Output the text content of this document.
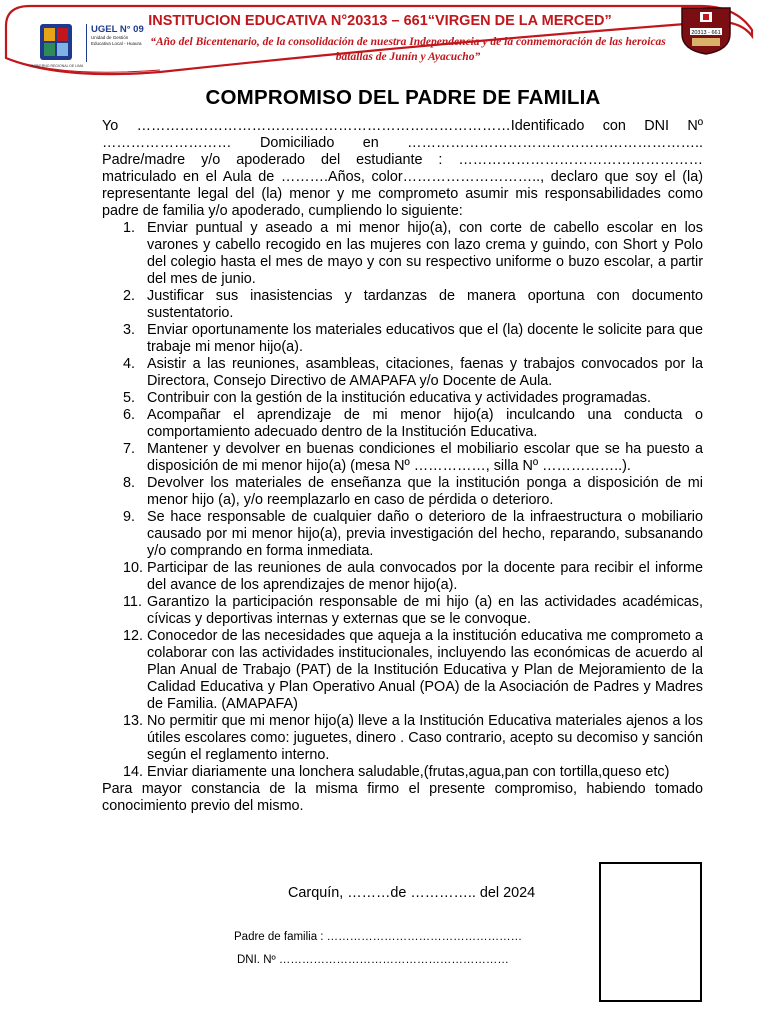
GOBIERNO REGIONAL DE LIMA
UGEL N° 09
Unidad de Gestión
Educativa Local - Huaura
INSTITUCION EDUCATIVA N°20313 – 661“VIRGEN DE LA MERCED”
“Año del Bicentenario, de la consolidación de nuestra Independencia y de la conmemoración de las heroicas
batallas de Junín y Ayacucho”
20313 - 661
COMPROMISO DEL PADRE DE FAMILIA

Yo ……………………………………………………………………Identificado con DNI Nº

……………………… Domiciliado en ……………………………………………………..

Padre/madre y/o apoderado del estudiante : ……………………………………………

matriculado en el Aula de ……….Años, color……………………….., declaro que soy el (la) representante legal del (la) menor y me comprometo asumir mis responsabilidades como padre de familia y/o apoderado, cumpliendo lo siguiente:

1. Enviar puntual y aseado a mi menor hijo(a), con corte de cabello escolar en los varones y cabello recogido en las mujeres con lazo crema y guindo, con Short y Polo del colegio hasta el mes de mayo y con su respectivo uniforme o buzo escolar, a partir del mes de junio.
2. Justificar sus inasistencias y tardanzas de manera oportuna con documento sustentatorio.
3. Enviar oportunamente los materiales educativos que el (la) docente le solicite para que trabaje mi menor hijo(a).
4. Asistir a las reuniones, asambleas, citaciones, faenas y trabajos convocados por la Directora, Consejo Directivo de AMAPAFA y/o Docente de Aula.
5. Contribuir con la gestión de la institución educativa y actividades programadas.
6. Acompañar el aprendizaje de mi menor hijo(a) inculcando una conducta o comportamiento adecuado dentro de la Institución Educativa.
7. Mantener y devolver en buenas condiciones el mobiliario escolar que se ha puesto a disposición de mi menor hijo(a) (mesa Nº ……………, silla Nº ……………..).
8. Devolver los materiales de enseñanza que la institución ponga a disposición de mi menor hijo (a), y/o reemplazarlo en caso de pérdida o deterioro.
9. Se hace responsable de cualquier daño o deterioro de la infraestructura o mobiliario causado por mi menor hijo(a), previa investigación del hecho, reparando, subsanando y/o comprando en forma inmediata.
10. Participar de las reuniones de aula convocados por la docente para recibir el informe del avance de los aprendizajes de menor hijo(a).
11. Garantizo la participación responsable de mi hijo (a) en las actividades académicas, cívicas y deportivas internas y externas que se le convoque.
12. Conocedor de las necesidades que aqueja a la institución educativa me comprometo a colaborar con las actividades institucionales, incluyendo las económicas de acuerdo al Plan Anual de Trabajo (PAT) de la Institución Educativa y Plan de Mejoramiento de la Calidad Educativa y Plan Operativo Anual (POA) de la Asociación de Padres y Madres de Familia. (AMAPAFA)
13. No permitir que mi menor hijo(a) lleve a la Institución Educativa materiales ajenos a los útiles escolares como: juguetes, dinero . Caso contrario, acepto su decomiso y sanción según el reglamento interno.
14. Enviar diariamente una lonchera saludable,(frutas,agua,pan con tortilla,queso etc)

Para mayor constancia de la misma firmo el presente compromiso, habiendo tomado conocimiento previo del mismo.

Carquín, ………de ………….. del 2024
Padre de familia : ……………………………………………
DNI. Nº ……………………………………………………
